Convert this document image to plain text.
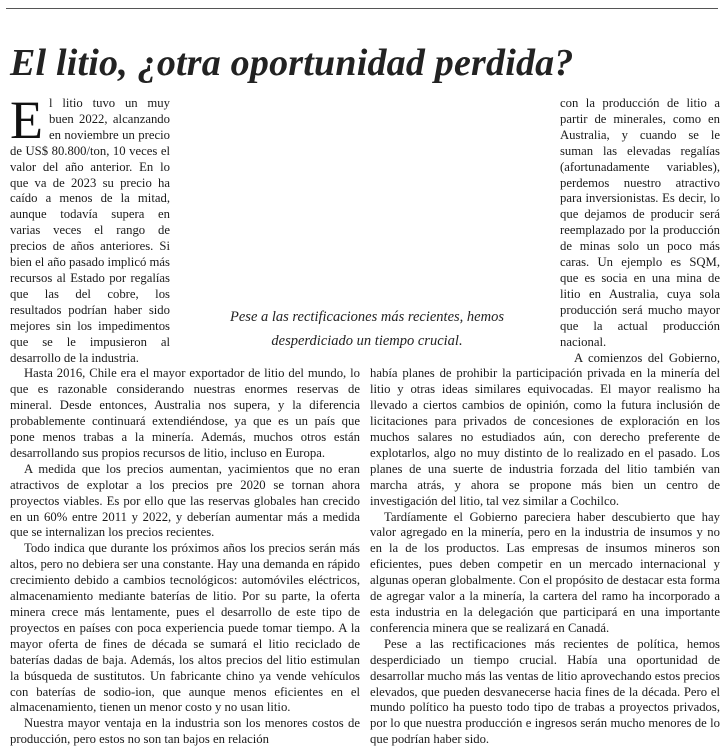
El litio, ¿otra oportunidad perdida?

El litio tuvo un muy buen 2022, alcanzando en noviembre un precio de US$ 80.800/ton, 10 veces el valor del año anterior. En lo que va de 2023 su precio ha caído a menos de la mitad, aunque todavía supera en varias veces el rango de precios de años anteriores. Si bien el año pasado implicó más recursos al Estado por regalías que las del cobre, los resultados podrían haber sido mejores sin los impedimentos que se le impusieron al desarrollo de la industria.

Hasta 2016, Chile era el mayor exportador de litio del mundo, lo que es razonable considerando nuestras enormes reservas de mineral. Desde entonces, Australia nos supera, y la diferencia probablemente continuará extendiéndose, ya que es un país que pone menos trabas a la minería. Además, muchos otros están desarrollando sus propios recursos de litio, incluso en Europa.

A medida que los precios aumentan, yacimientos que no eran atractivos de explotar a los precios pre 2020 se tornan ahora proyectos viables. Es por ello que las reservas globales han crecido en un 60% entre 2011 y 2022, y deberían aumentar más a medida que se internalizan los precios recientes.

Todo indica que durante los próximos años los precios serán más altos, pero no debiera ser una constante. Hay una demanda en rápido crecimiento debido a cambios tecnológicos: automóviles eléctricos, almacenamiento mediante baterías de litio. Por su parte, la oferta minera crece más lentamente, pues el desarrollo de este tipo de proyectos en países con poca experiencia puede tomar tiempo. A la mayor oferta de fines de década se sumará el litio reciclado de baterías dadas de baja. Además, los altos precios del litio estimulan la búsqueda de sustitutos. Un fabricante chino ya vende vehículos con baterías de sodio-ion, que aunque menos eficientes en el almacenamiento, tienen un menor costo y no usan litio.

Nuestra mayor ventaja en la industria son los menores costos de producción, pero estos no son tan bajos en relación

con la producción de litio a partir de minerales, como en Australia, y cuando se le suman las elevadas regalías (afortunadamente variables), perdemos nuestro atractivo para inversionistas. Es decir, lo que dejamos de producir será reemplazado por la producción de minas solo un poco más caras. Un ejemplo es SQM, que es socia en una mina de litio en Australia, cuya sola producción será mucho mayor que la actual producción nacional.

A comienzos del Gobierno, había planes de prohibir la participación privada en la minería del litio y otras ideas similares equivocadas. El mayor realismo ha llevado a ciertos cambios de opinión, como la futura inclusión de licitaciones para privados de concesiones de exploración en los muchos salares no estudiados aún, con derecho preferente de explotarlos, algo no muy distinto de lo realizado en el pasado. Los planes de una suerte de industria forzada del litio también van marcha atrás, y ahora se propone más bien un centro de investigación del litio, tal vez similar a Cochilco.

Tardíamente el Gobierno pareciera haber descubierto que hay valor agregado en la minería, pero en la industria de insumos y no en la de los productos. Las empresas de insumos mineros son eficientes, pues deben competir en un mercado internacional y algunas operan globalmente. Con el propósito de destacar esta forma de agregar valor a la minería, la cartera del ramo ha incorporado a esta industria en la delegación que participará en una importante conferencia minera que se realizará en Canadá.

Pese a las rectificaciones más recientes de política, hemos desperdiciado un tiempo crucial. Había una oportunidad de desarrollar mucho más las ventas de litio aprovechando estos precios elevados, que pueden desvanecerse hacia fines de la década. Pero el mundo político ha puesto todo tipo de trabas a proyectos privados, por lo que nuestra producción e ingresos serán mucho menores de lo que podrían haber sido.

Pese a las rectificaciones más recientes, hemos desperdiciado un tiempo crucial.
